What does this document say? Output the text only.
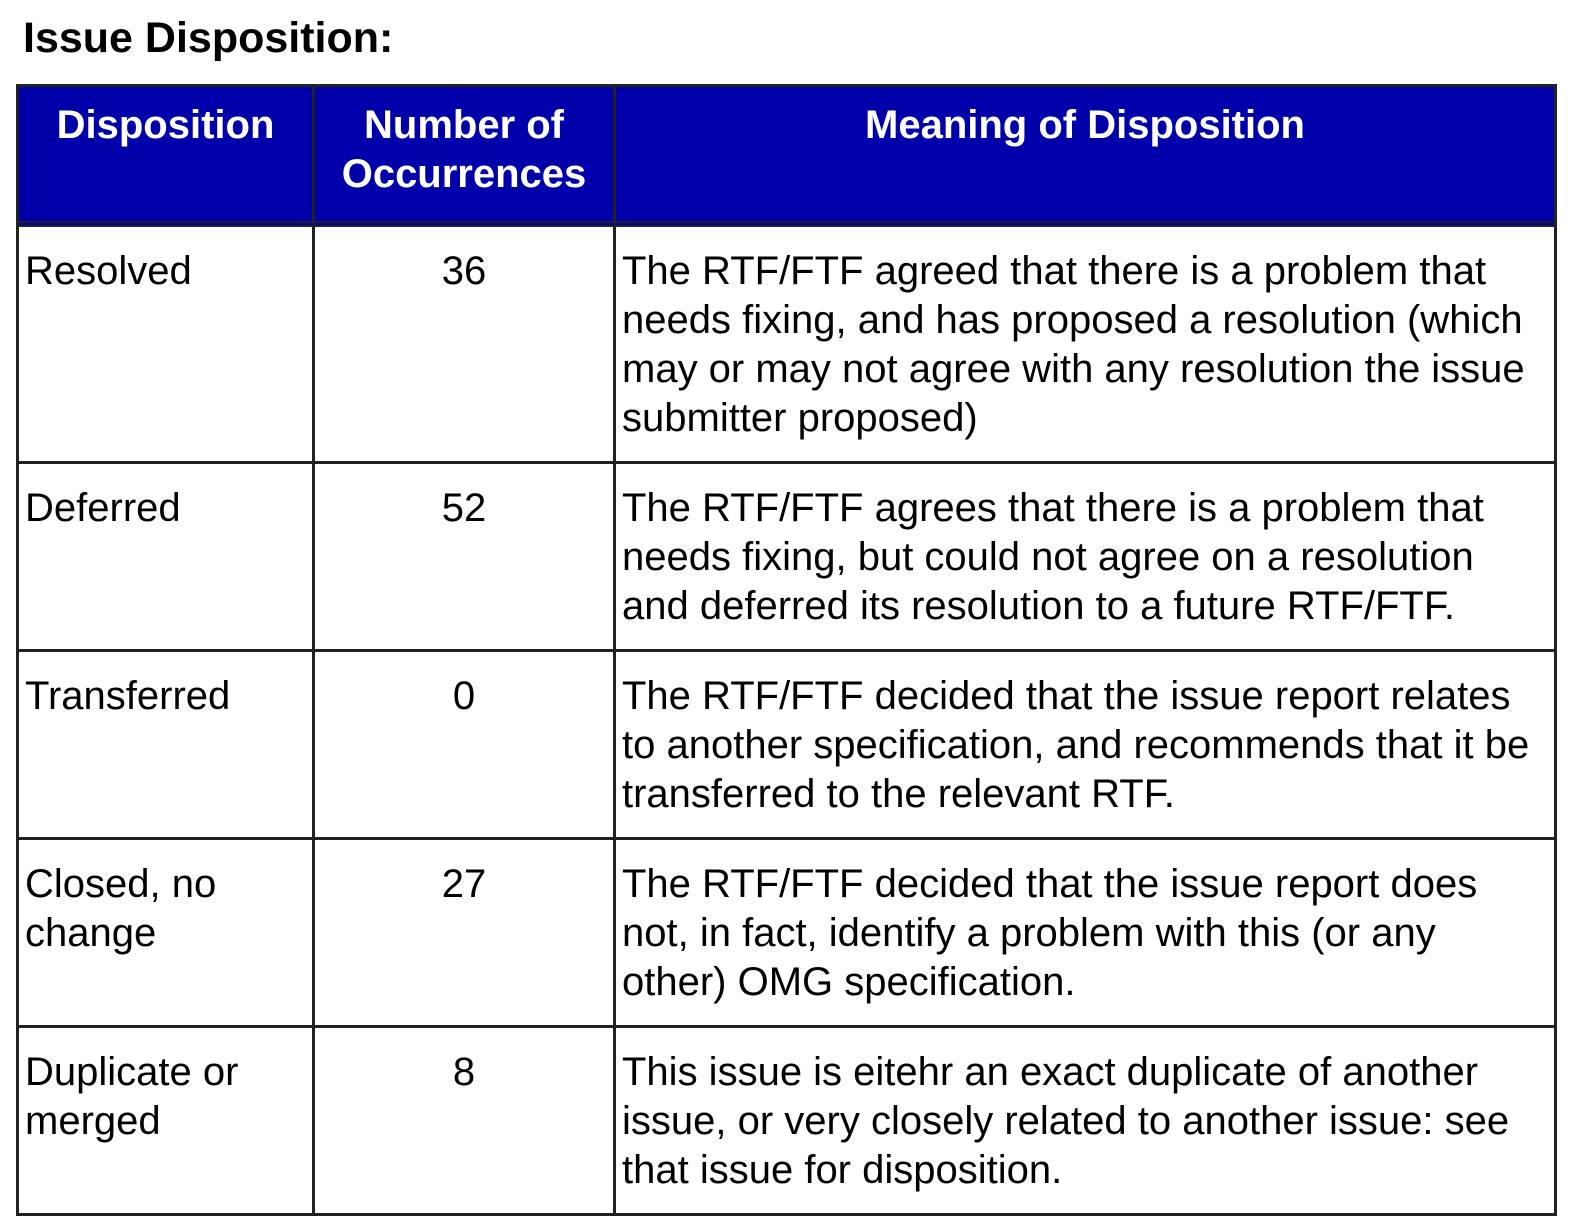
Issue Disposition:
Disposition	Number of Occurrences	Meaning of Disposition
Resolved	36	The RTF/FTF agreed that there is a problem that needs fixing, and has proposed a resolution (which may or may not agree with any resolution the issue submitter proposed)
Deferred	52	The RTF/FTF agrees that there is a problem that needs fixing, but could not agree on a resolution and deferred its resolution to a future RTF/FTF.
Transferred	0	The RTF/FTF decided that the issue report relates to another specification, and recommends that it be transferred to the relevant RTF.
Closed, no change	27	The RTF/FTF decided that the issue report does not, in fact, identify a problem with this (or any other) OMG specification.
Duplicate or merged	8	This issue is eitehr an exact duplicate of another issue, or very closely related to another issue: see that issue for disposition.
